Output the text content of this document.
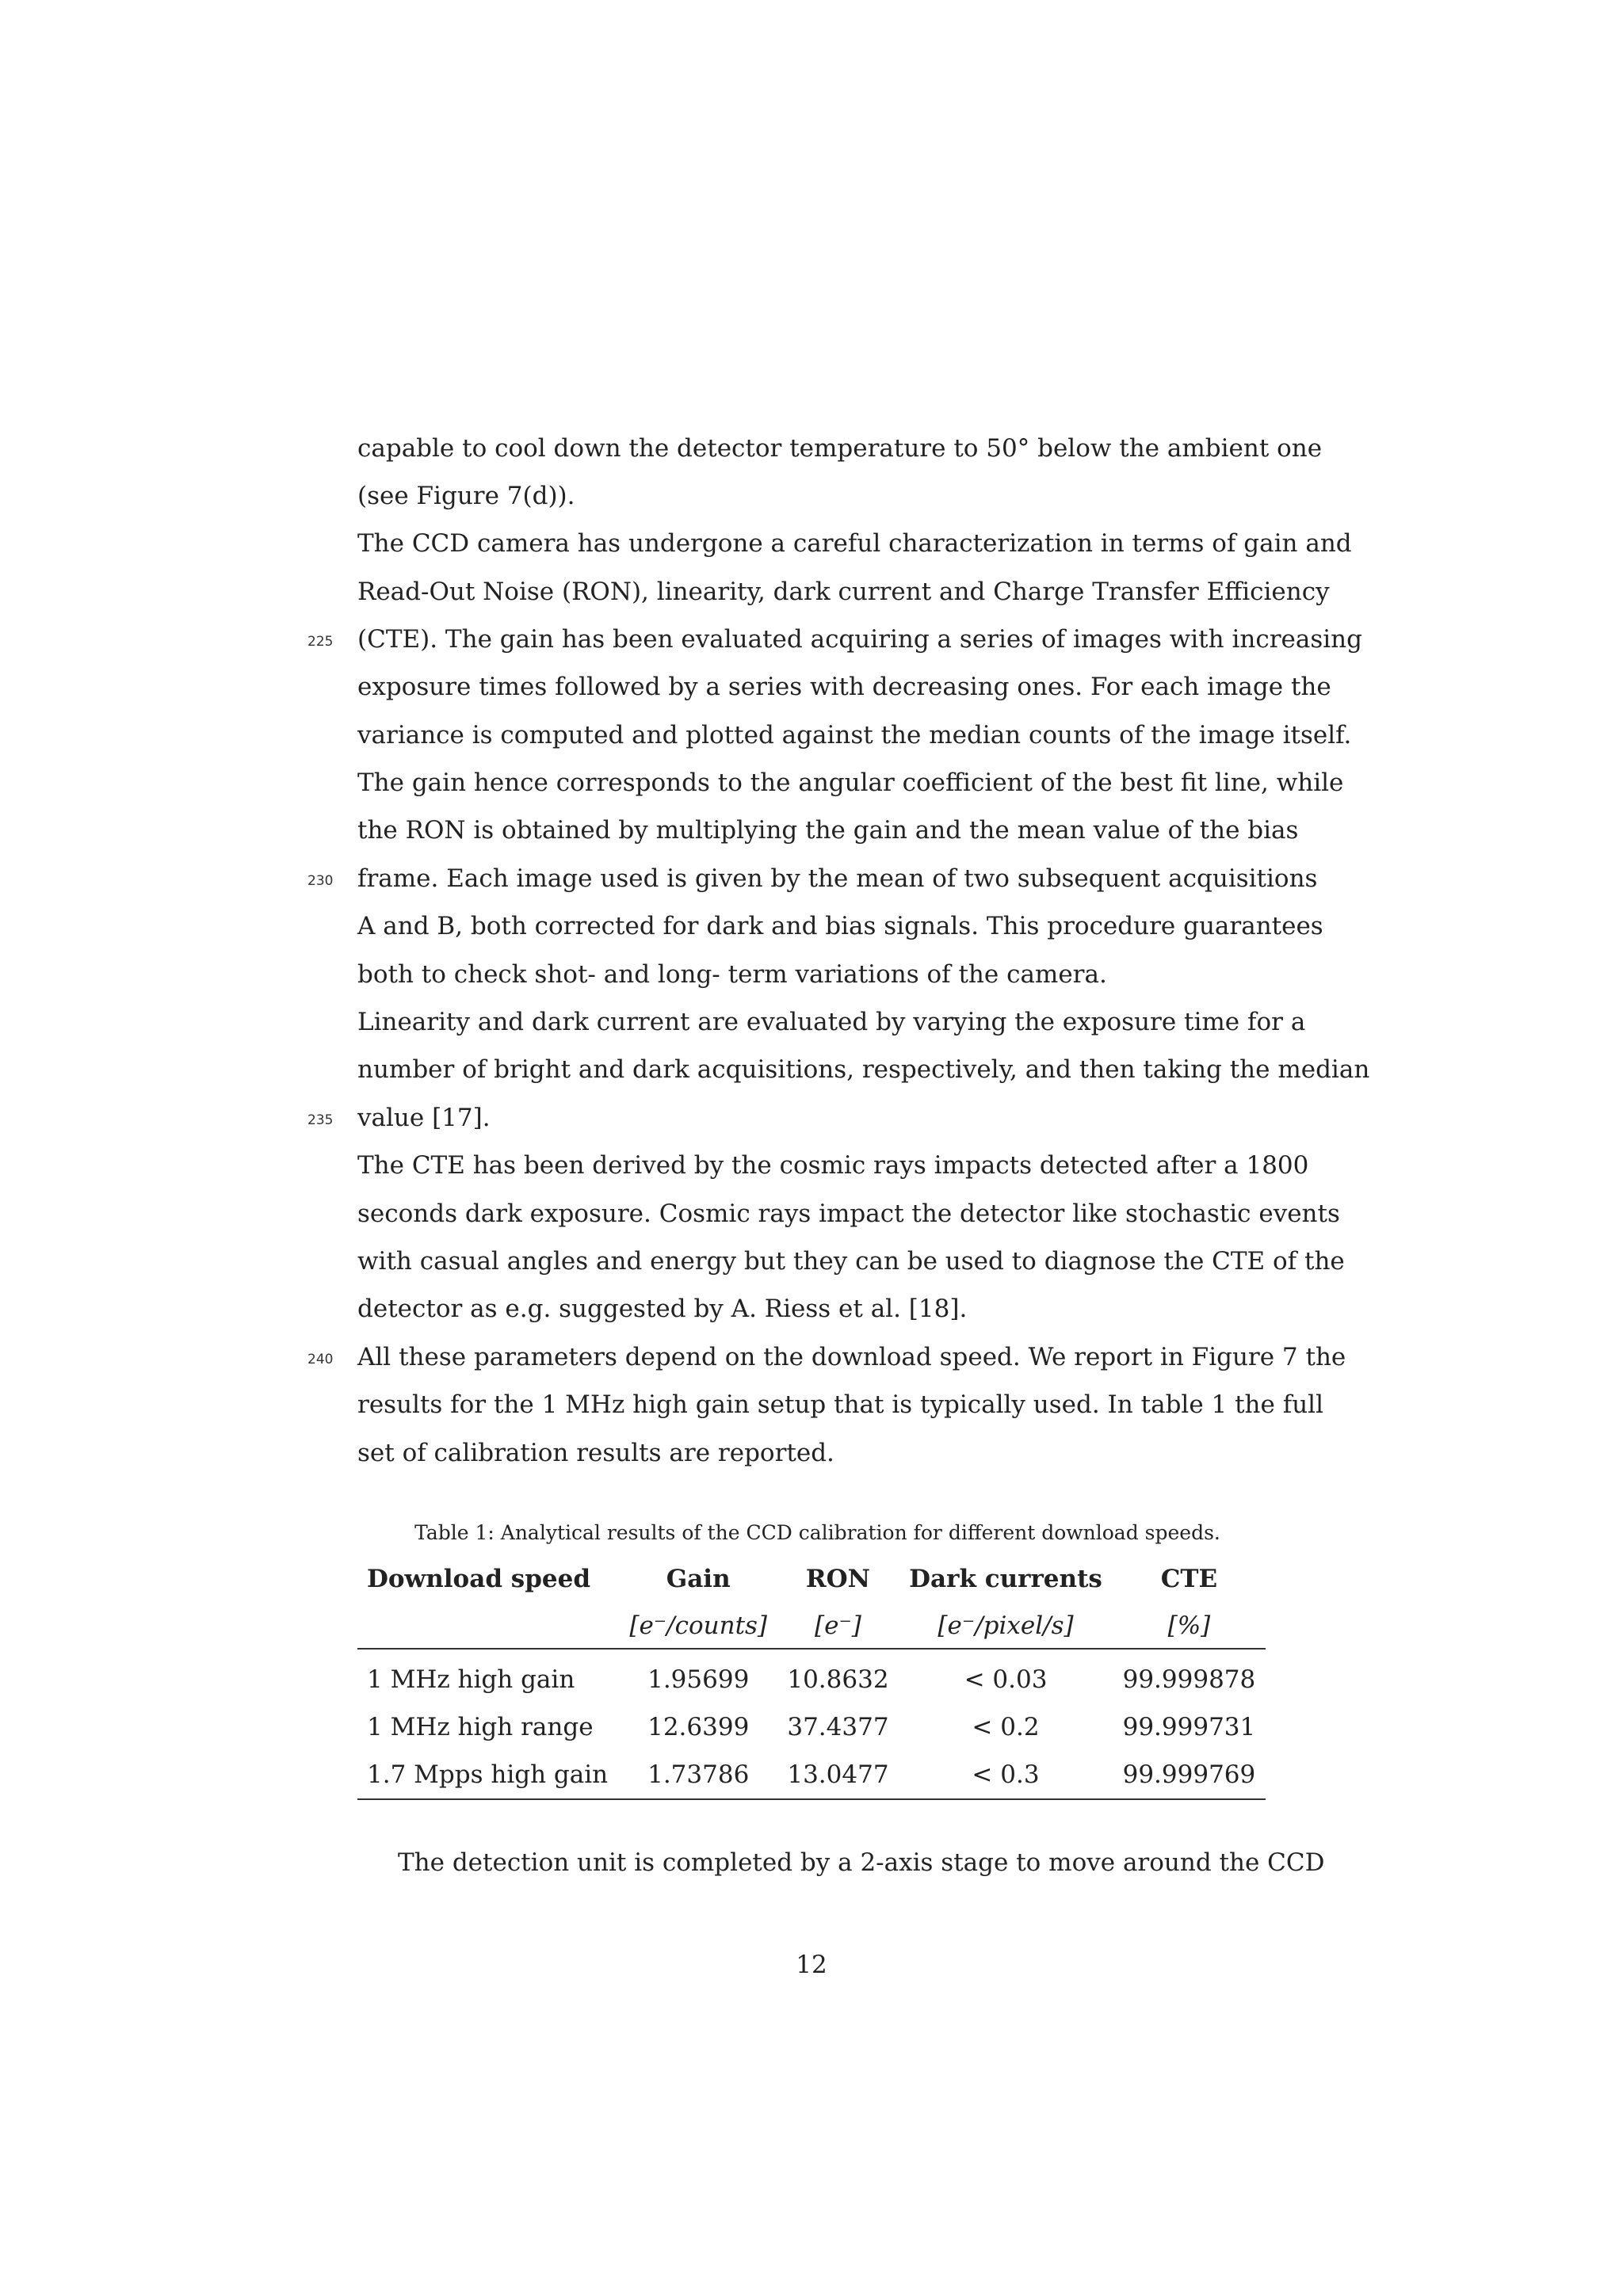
capable to cool down the detector temperature to 50° below the ambient one
(see Figure 7(d)).
The CCD camera has undergone a careful characterization in terms of gain and
Read-Out Noise (RON), linearity, dark current and Charge Transfer Efficiency
225 (CTE). The gain has been evaluated acquiring a series of images with increasing
exposure times followed by a series with decreasing ones. For each image the
variance is computed and plotted against the median counts of the image itself.
The gain hence corresponds to the angular coefficient of the best fit line, while
the RON is obtained by multiplying the gain and the mean value of the bias
230 frame. Each image used is given by the mean of two subsequent acquisitions
A and B, both corrected for dark and bias signals. This procedure guarantees
both to check shot- and long- term variations of the camera.
Linearity and dark current are evaluated by varying the exposure time for a
number of bright and dark acquisitions, respectively, and then taking the median
235 value [17].
The CTE has been derived by the cosmic rays impacts detected after a 1800
seconds dark exposure. Cosmic rays impact the detector like stochastic events
with casual angles and energy but they can be used to diagnose the CTE of the
detector as e.g. suggested by A. Riess et al. [18].
240 All these parameters depend on the download speed. We report in Figure 7 the
results for the 1 MHz high gain setup that is typically used. In table 1 the full
set of calibration results are reported.
Table 1: Analytical results of the CCD calibration for different download speeds.
Download speed	Gain	RON	Dark currents	CTE
	[e⁻/counts]	[e⁻]	[e⁻/pixel/s]	[%]
1 MHz high gain	1.95699	10.8632	< 0.03	99.999878
1 MHz high range	12.6399	37.4377	< 0.2	99.999731
1.7 Mpps high gain	1.73786	13.0477	< 0.3	99.999769
The detection unit is completed by a 2-axis stage to move around the CCD
12
